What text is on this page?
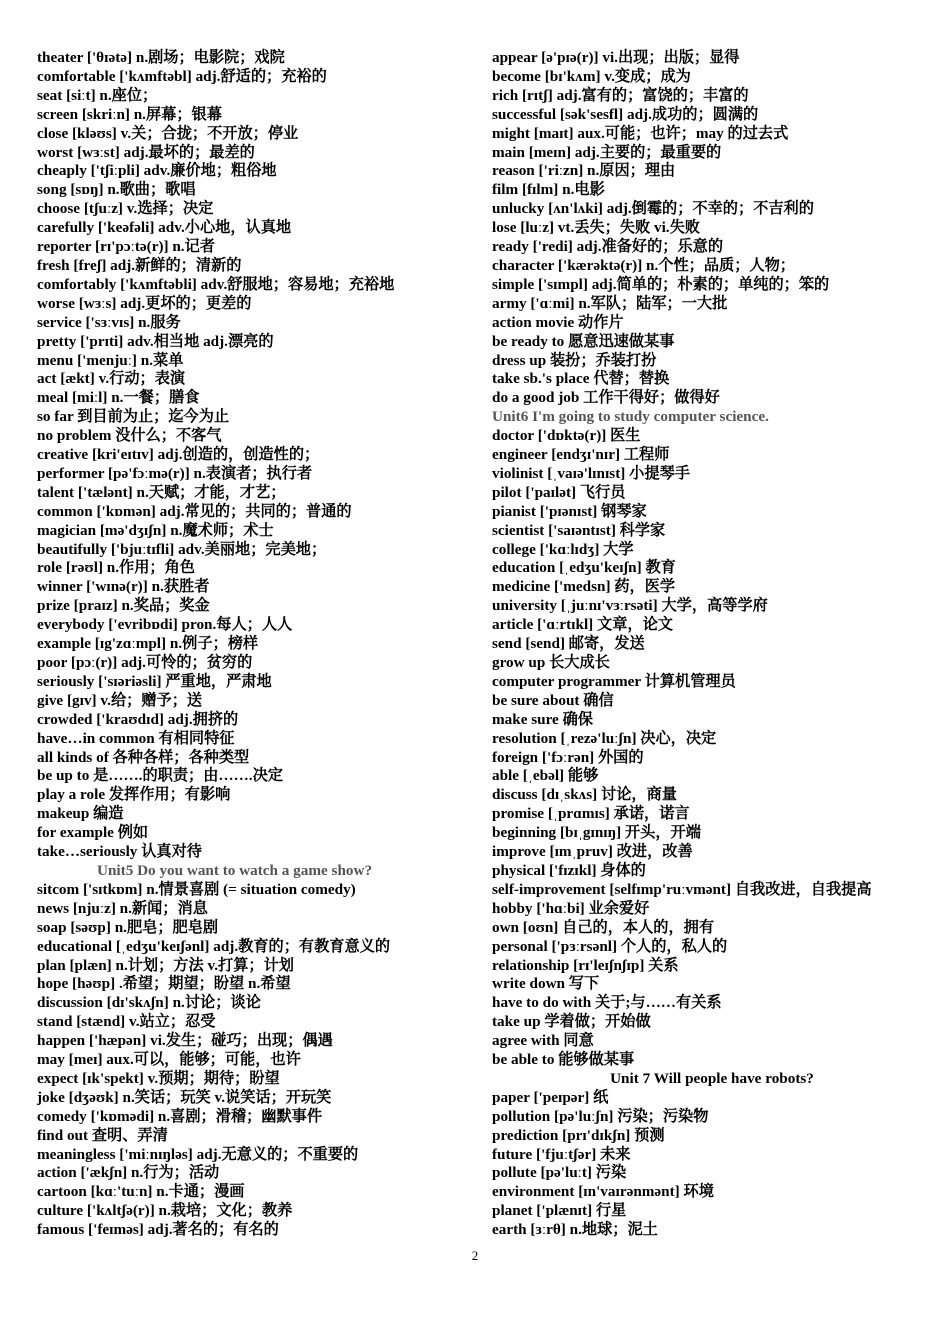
theater ['θɪətə] n.剧场；电影院；戏院
comfortable ['kʌmftəbl] adj.舒适的；充裕的
seat [siːt] n.座位；
screen [skriːn] n.屏幕；银幕
close [kləʊs] v.关；合拢；不开放；停业
worst [wɜːst] adj.最坏的；最差的
cheaply ['tʃiːpli] adv.廉价地；粗俗地
song [sɒŋ] n.歌曲；歌唱
choose [tʃuːz] v.选择；决定
carefully ['keəfəli] adv.小心地，认真地
reporter [rɪ'pɔːtə(r)] n.记者
fresh [freʃ] adj.新鲜的；清新的
comfortably ['kʌmftəbli] adv.舒服地；容易地；充裕地
worse [wɜːs] adj.更坏的；更差的
service ['sɜːvɪs] n.服务
pretty ['prɪti] adv.相当地 adj.漂亮的
menu ['menjuː] n.菜单
act [ækt] v.行动；表演
meal [miːl] n.一餐；膳食
so far 到目前为止；迄今为止
no problem 没什么；不客气
creative [kri'eɪtɪv] adj.创造的，创造性的；
performer [pə'fɔːmə(r)] n.表演者；执行者
talent ['tælənt] n.天赋；才能，才艺；
common ['kɒmən] adj.常见的；共同的；普通的
magician [mə'dʒɪʃn] n.魔术师；术士
beautifully ['bjuːtɪfli] adv.美丽地；完美地；
role [rəʊl] n.作用；角色
winner ['wɪnə(r)] n.获胜者
prize [praɪz] n.奖品；奖金
everybody ['evribɒdi] pron.每人；人人
example [ɪg'zɑːmpl] n.例子；榜样
poor [pɔː(r)] adj.可怜的；贫穷的
seriously ['sɪəriəsli] 严重地，严肃地
give [gɪv] v.给；赠予；送
crowded ['kraʊdɪd] adj.拥挤的
have…in common 有相同特征
all kinds of 各种各样；各种类型
be up to 是…….的职责；由…….决定
play a role 发挥作用；有影响
makeup 编造
for example 例如
take…seriously 认真对待
Unit5 Do you want to watch a game show?
sitcom ['sɪtkɒm] n.情景喜剧 (= situation comedy)
news [njuːz] n.新闻；消息
soap [səʊp] n.肥皂；肥皂剧
educational [ˌedʒu'keɪʃənl] adj.教育的；有教育意义的
plan [plæn] n.计划；方法 v.打算；计划
hope [həʊp] .希望；期望；盼望 n.希望
discussion [dɪ'skʌʃn] n.讨论；谈论
stand [stænd] v.站立；忍受
happen ['hæpən] vi.发生；碰巧；出现；偶遇
may [meɪ] aux.可以，能够；可能，也许
expect [ɪk'spekt] v.预期；期待；盼望
joke [dʒəʊk] n.笑话；玩笑 v.说笑话；开玩笑
comedy ['kɒmədi] n.喜剧；滑稽；幽默事件
find out 查明、弄清
meaningless ['miːnɪŋləs] adj.无意义的；不重要的
action ['ækʃn] n.行为；活动
cartoon [kɑː'tuːn] n.卡通；漫画
culture ['kʌltʃə(r)] n.栽培；文化；教养
famous ['feɪməs] adj.著名的；有名的
appear [ə'pɪə(r)] vi.出现；出版；显得
become [bɪ'kʌm] v.变成；成为
rich [rɪtʃ] adj.富有的；富饶的；丰富的
successful [sək'sesfl] adj.成功的；圆满的
might [maɪt] aux.可能；也许；may 的过去式
main [meɪn] adj.主要的；最重要的
reason ['riːzn] n.原因；理由
film [fɪlm] n.电影
unlucky [ʌn'lʌki] adj.倒霉的；不幸的；不吉利的
lose [luːz] vt.丢失；失败 vi.失败
ready ['redi] adj.准备好的；乐意的
character ['kærəktə(r)] n.个性；品质；人物；
simple ['sɪmpl] adj.简单的；朴素的；单纯的；笨的
army ['ɑːmi] n.军队；陆军；一大批
action movie 动作片
be ready to 愿意迅速做某事
dress up 装扮；乔装打扮
take sb.'s place 代替；替换
do a good job 工作干得好；做得好
Unit6 I'm going to study computer science.
doctor ['dɒktə(r)] 医生
engineer [endʒɪ'nɪr] 工程师
violinist [ˌvaɪə'lɪnɪst] 小提琴手
pilot ['paɪlət] 飞行员
pianist ['pɪənɪst] 钢琴家
scientist ['saɪəntɪst] 科学家
college ['kɑːlɪdʒ] 大学
education [ˌedʒu'keɪʃn] 教育
medicine ['medsn] 药，医学
university [ˌjuːnɪ'vɜːrsəti] 大学，高等学府
article ['ɑːrtɪkl] 文章，论文
send [send] 邮寄，发送
grow up 长大成长
computer programmer 计算机管理员
be sure about 确信
make sure 确保
resolution [ˌrezə'luːʃn] 决心，决定
foreign ['fɔːrən] 外国的
able [ˌebəl] 能够
discuss [dɪˌskʌs] 讨论，商量
promise [ˌprɑmɪs] 承诺，诺言
beginning [bɪˌgɪnɪŋ] 开头，开端
improve [ɪmˌpruv] 改进，改善
physical ['fɪzɪkl] 身体的
self-improvement [selfɪmp'ruːvmənt] 自我改进，自我提高
hobby ['hɑːbi] 业余爱好
own [oʊn] 自己的，本人的，拥有
personal ['pɜːrsənl] 个人的，私人的
relationship [rɪ'leɪʃnʃɪp] 关系
write down 写下
have to do with 关于;与……有关系
take up 学着做；开始做
agree with 同意
be able to 能够做某事
Unit 7 Will people have robots?
paper ['peɪpər] 纸
pollution [pə'luːʃn] 污染；污染物
prediction [prɪ'dɪkʃn] 预测
future ['fjuːtʃər] 未来
pollute [pə'luːt] 污染
environment [ɪn'vaɪrənmənt] 环境
planet ['plænɪt] 行星
earth [ɜːrθ] n.地球；泥土
2
